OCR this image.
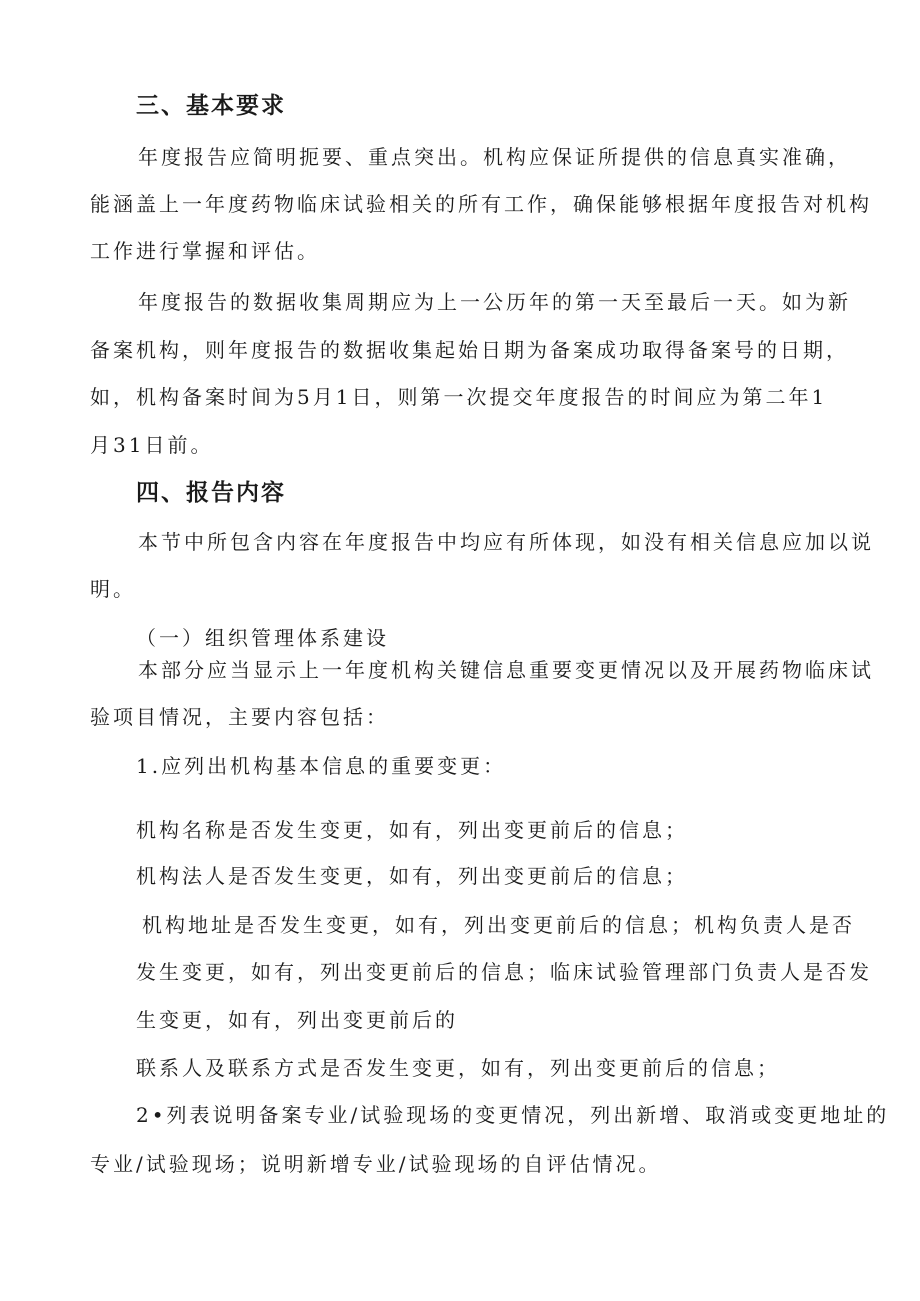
三、基本要求
年度报告应简明扼要、重点突出。机构应保证所提供的信息真实准确，
能涵盖上一年度药物临床试验相关的所有工作，确保能够根据年度报告对机构
工作进行掌握和评估。
年度报告的数据收集周期应为上一公历年的第一天至最后一天。如为新
备案机构，则年度报告的数据收集起始日期为备案成功取得备案号的日期，
如，机构备案时间为5月1日，则第一次提交年度报告的时间应为第二年1
月31日前。
四、报告内容
本节中所包含内容在年度报告中均应有所体现，如没有相关信息应加以说
明。
（一）组织管理体系建设
本部分应当显示上一年度机构关键信息重要变更情况以及开展药物临床试
验项目情况，主要内容包括：
1.应列出机构基本信息的重要变更：
机构名称是否发生变更，如有，列出变更前后的信息；
机构法人是否发生变更，如有，列出变更前后的信息；
机构地址是否发生变更，如有，列出变更前后的信息；机构负责人是否
发生变更，如有，列出变更前后的信息；临床试验管理部门负责人是否发
生变更，如有，列出变更前后的
联系人及联系方式是否发生变更，如有，列出变更前后的信息；
2•列表说明备案专业/试验现场的变更情况，列出新增、取消或变更地址的
专业/试验现场；说明新增专业/试验现场的自评估情况。
